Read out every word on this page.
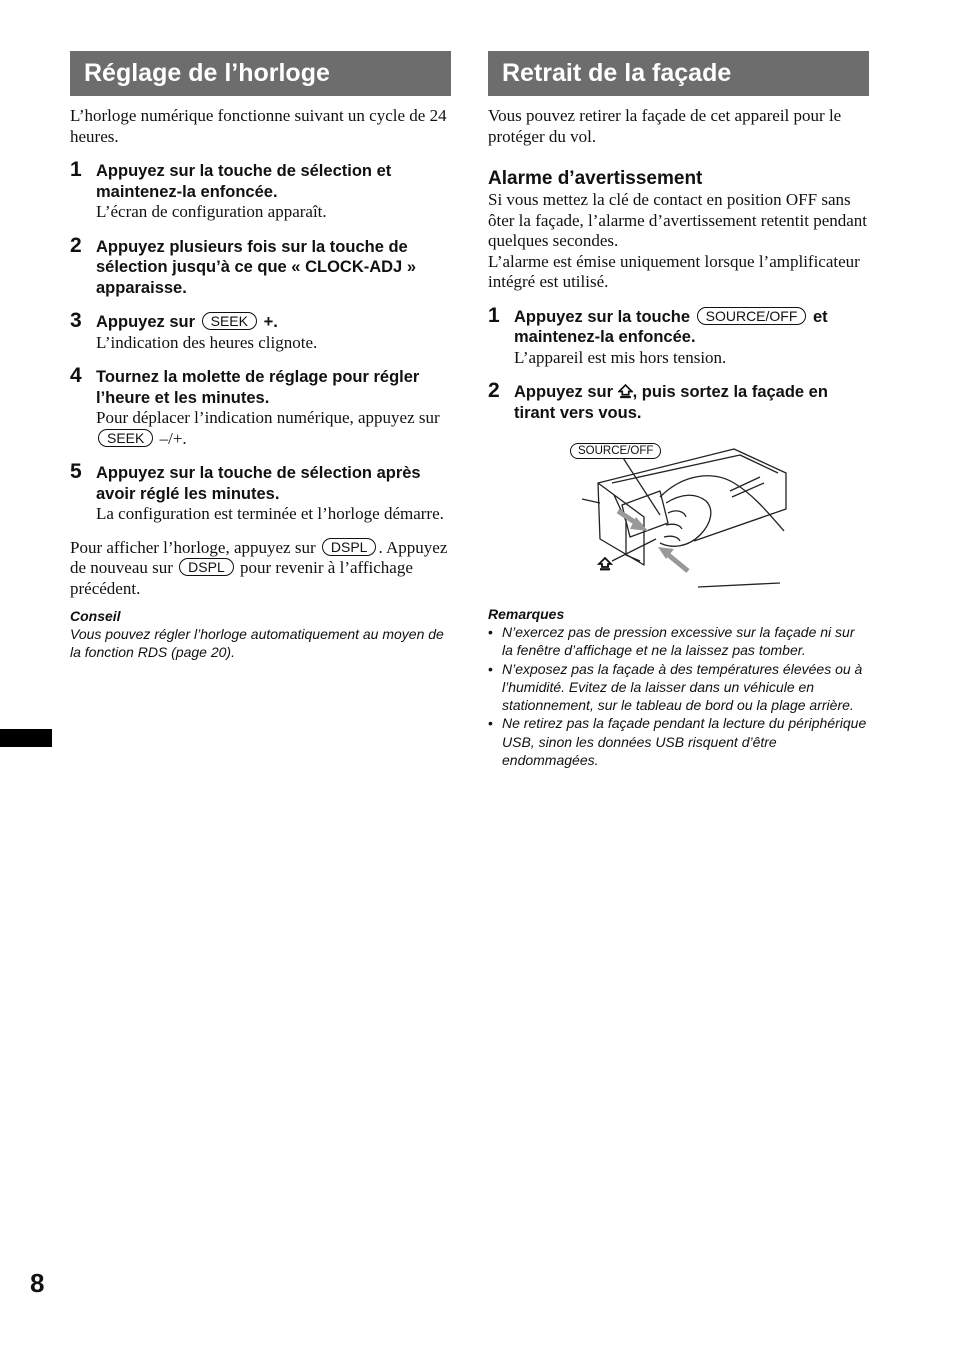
Réglage de l’horloge

L’horloge numérique fonctionne suivant un cycle de 24 heures.

1 Appuyez sur la touche de sélection et maintenez-la enfoncée.

L’écran de configuration apparaît.

2 Appuyez plusieurs fois sur la touche de sélection jusqu’à ce que « CLOCK-ADJ » apparaisse.
3 Appuyez sur SEEK +.

L’indication des heures clignote.

4 Tournez la molette de réglage pour régler l’heure et les minutes.

Pour déplacer l’indication numérique, appuyez sur SEEK –/+.

5 Appuyez sur la touche de sélection après avoir réglé les minutes.

La configuration est terminée et l’horloge démarre.

Pour afficher l’horloge, appuyez sur DSPL . Appuyez de nouveau sur DSPL pour revenir à l’affichage précédent.

Conseil
Vous pouvez régler l’horloge automatiquement au moyen de la fonction RDS (page 20).
Retrait de la façade

Vous pouvez retirer la façade de cet appareil pour le protéger du vol.

Alarme d’avertissement

Si vous mettez la clé de contact en position OFF sans ôter la façade, l’alarme d’avertissement retentit pendant quelques secondes.

L’alarme est émise uniquement lorsque l’amplificateur intégré est utilisé.

1 Appuyez sur la touche SOURCE/OFF et maintenez-la enfoncée.

L’appareil est mis hors tension.

2 Appuyez sur , puis sortez la façade en tirant vers vous.
SOURCE/OFF
Remarques
• N’exercez pas de pression excessive sur la façade ni sur la fenêtre d’affichage et ne la laissez pas tomber.
• N’exposez pas la façade à des températures élevées ou à l’humidité. Evitez de la laisser dans un véhicule en stationnement, sur le tableau de bord ou la plage arrière.
• Ne retirez pas la façade pendant la lecture du périphérique USB, sinon les données USB risquent d’être endommagées.
8
